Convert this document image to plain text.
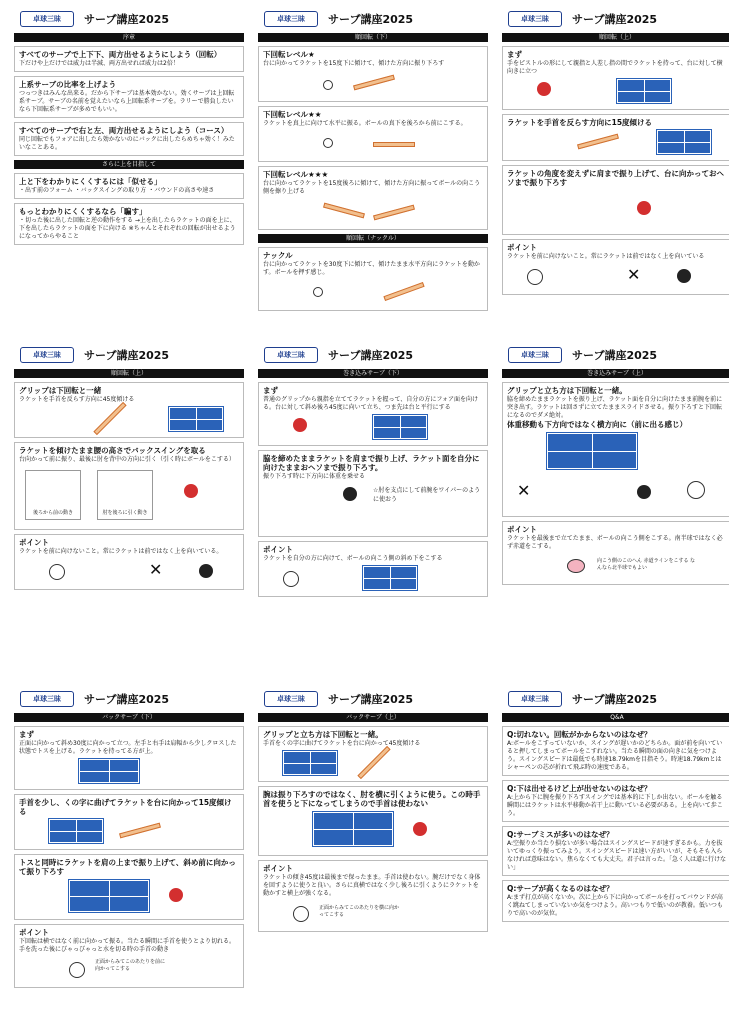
卓球三昧	サーブ講座2025
序章
すべてのサーブで上下下、両方出せるようにしよう（回転）

下だけや上だけでは威力は半減、両方出せれば威力は2倍！

上系サーブの比率を上げよう

つっつきはみんな出来る。だから下サーブは基本効かない。効くサーブは上回転系サーブ。サーブの名前を覚えたいなら上回転系サーブを。ラリーで勝負したいなら下回転系サーブが多めでもいい。

すべてのサーブで右と左、両方出せるようにしよう（コース）

同じ回転でもフォアに出したら効かないのにバックに出したらめちゃ効く！みたいなことある。

さらに上を目指して
上と下をわかりにくくするには「似せる」

・出す前のフォーム ・バックスイングの取り方 ・バウンドの高さや速さ

もっとわかりにくくするなら「騙す」

・切った後に出した回転と逆の動作をする →上を出したらラケットの面を上に、下を出したらラケットの面を下に向ける ※ちゃんとそれぞれの回転が出せるようになってからやること

卓球三昧	サーブ講座2025
順回転（下）
下回転レベル★

台に向かってラケットを15度下に傾けて、傾けた方向に振り下ろす

下回転レベル★★

ラケットを真上に向けて水平に振る。ボールの真下を後ろから前にこする。

下回転レベル★★★

台に向かってラケットを15度後ろに傾けて、傾けた方向に振ってボールの向こう側を擦り上げる

順回転（ナックル）
ナックル

台に向かってラケットを30度下に傾けて、傾けたまま水平方向にラケットを動かす。ボールを押す感じ。

卓球三昧	サーブ講座2025
順回転（上）
まず

手をピストルの形にして親指と人差し指の間でラケットを持って、台に対して横向きに立つ

ラケットを手首を反らす方向に15度傾ける
ラケットの角度を変えずに肩まで振り上げて、台に向かっておヘソまで振り下ろす
ポイント

ラケットを前に向けないこと。常にラケットは前ではなく上を向いている

✕
卓球三昧	サーブ講座2025
順回転（上）
グリップは下回転と一緒

ラケットを手首を反らす方向に45度傾ける

ラケットを傾けたまま腰の高さでバックスイングを取る

台向かって前に振り、最後に肘を背中の方向に引く（引く時にボールをこする）

後ろから前の動き	肘を後ろに引く動き
ポイント

ラケットを前に向けないこと。常にラケットは前ではなく上を向いている。

✕
卓球三昧	サーブ講座2025
巻き込みサーブ（下）
まず

普通のグリップから親指を立ててラケットを握って、自分の方にフォア面を向ける。台に対して斜め後ろ45度に向いて立ち、つま先は台と平行にする

脇を締めたままラケットを肩まで振り上げ、ラケット面を自分に向けたままおヘソまで振り下ろす。

振り下ろす時に下方向に体重を乗せる

☆肘を支点にして前腕をワイパーのように使おう
ポイント

ラケットを自分の方に向けて、ボールの向こう側の斜め下をこする

卓球三昧	サーブ講座2025
巻き込みサーブ（上）
グリップと立ち方は下回転と一緒。

脇を締めたままラケットを振り上げ、ラケット面を自分に向けたまま前腕を前に突き出す。ラケットは回さずに立てたままスライドさせる。振り下ろすと下回転になるのでダメ絶対。

体重移動も下方向ではなく横方向に（前に出る感じ）
✕
ポイント

ラケットを最後まで立てたまま、ボールの向こう側をこする。南半球ではなく必ず赤道をこする。

向こう側のこのへん 赤道ラインをこする なんなら北半球でもよい
卓球三昧	サーブ講座2025
バックサーブ（下）
まず

正面に向かって斜め30度に向かって立つ。左手と右手は肩幅から少しクロスした状態でトスを上げる。ラケットを持ってる方が上。

手首を少し、くの字に曲げてラケットを台に向かって15度傾ける
トスと同時にラケットを肩の上まで振り上げて、斜め前に向かって振り下ろす
ポイント

下回転は横ではなく前に向かって振る。当たる瞬間に手首を使うとより切れる。手を洗った後にびゃっびゃっと水を切る時の手首の動き

正面からみてこのあたりを前に向かってこする
卓球三昧	サーブ講座2025
バックサーブ（上）
グリップと立ち方は下回転と一緒。

手首をくの字に曲げてラケットを台に向かって45度傾ける

腕は振り下ろすのではなく、肘を横に引くように使う。この時手首を使うと下になってしまうので手首は使わない
ポイント

ラケットの傾き45度は最後まで保ったまま。手首は使わない。腕だけでなく身体を回すように使うと良い。さらに真横ではなく少し後ろに引くようにラケットを動かすと横上が強くなる。

正面からみてこのあたりを横に向かってこする
卓球三昧	サーブ講座2025
Q&A
Q:切れない。回転がかからないのはなぜ？

A:ボールをこすっていないか、スイングが遅いかのどちらか。面が前を向いていると押してしまってボールをこすれない。当たる瞬間の面の向きに気をつけよう。スイングスピードは最低でも時速18.79kmを目指そう。時速18.79kmとはシャーペンの芯が折れて飛ぶ時の速度である。

Q:下は出せるけど上が出せないのはなぜ？

A:上から下に腕を振り下ろすスイングでは基本的に下しか出ない。ボールを触る瞬間にはラケットは水平移動か若干上に動いている必要がある。上を向いて歩こう。

Q:サーブミスが多いのはなぜ？

A:空振りか当たり損ないが多い場合はスイングスピードが速すぎるかも。力を抜いてゆっくり振ってみよう。スイングスピードは速い方がいいが、そもそも入らなければ意味はない。焦らなくても大丈夫。君子は言った。「急く人は道に行けない」

Q:サーブが高くなるのはなぜ？

A:まず打点が高くないか。次に上から下に向かってボールを打ってバウンドが高く跳ねてしまっていないか気をつけよう。高いつもりで低いのが教養。低いつもりで高いのが気位。
